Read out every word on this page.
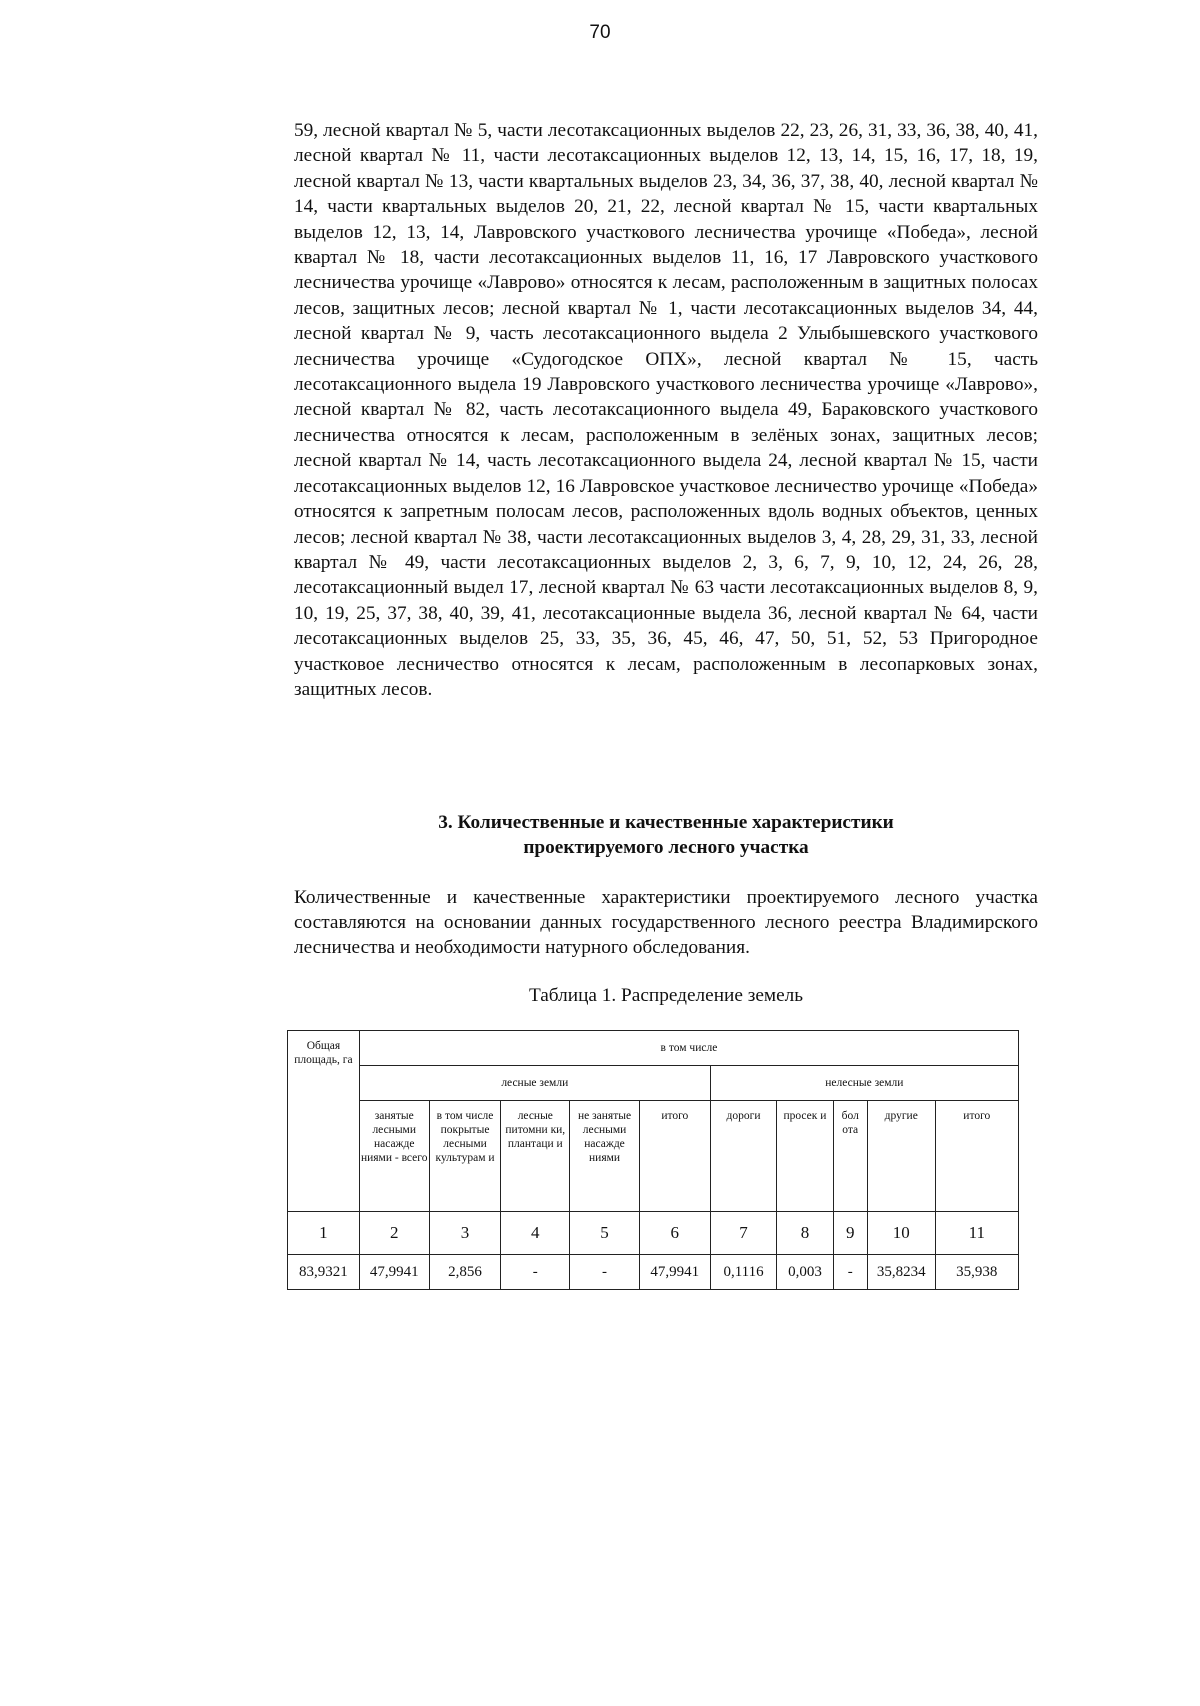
70

59, лесной квартал № 5, части лесотаксационных выделов 22, 23, 26, 31, 33, 36, 38, 40, 41, лесной квартал № 11, части лесотаксационных выделов 12, 13, 14, 15, 16, 17, 18, 19, лесной квартал № 13, части квартальных выделов 23, 34, 36, 37, 38, 40, лесной квартал № 14, части квартальных выделов 20, 21, 22, лесной квартал № 15, части квартальных выделов 12, 13, 14, Лавровского участкового лесничества урочище «Победа», лесной квартал № 18, части лесотаксационных выделов 11, 16, 17 Лавровского участкового лесничества урочище «Лаврово» относятся к лесам, расположенным в защитных полосах лесов, защитных лесов; лесной квартал № 1, части лесотаксационных выделов 34, 44, лесной квартал № 9, часть лесотаксационного выдела 2 Улыбышевского участкового лесничества урочище «Судогодское ОПХ», лесной квартал № 15, часть лесотаксационного выдела 19 Лавровского участкового лесничества урочище «Лаврово», лесной квартал № 82, часть лесотаксационного выдела 49, Бараковского участкового лесничества относятся к лесам, расположенным в зелёных зонах, защитных лесов; лесной квартал № 14, часть лесотаксационного выдела 24, лесной квартал № 15, части лесотаксационных выделов 12, 16 Лавровское участковое лесничество урочище «Победа» относятся к запретным полосам лесов, расположенных вдоль водных объектов, ценных лесов; лесной квартал № 38, части лесотаксационных выделов 3, 4, 28, 29, 31, 33, лесной квартал № 49, части лесотаксационных выделов 2, 3, 6, 7, 9, 10, 12, 24, 26, 28, лесотаксационный выдел 17, лесной квартал № 63 части лесотаксационных выделов 8, 9, 10, 19, 25, 37, 38, 40, 39, 41, лесотаксационные выдела 36, лесной квартал № 64, части лесотаксационных выделов 25, 33, 35, 36, 45, 46, 47, 50, 51, 52, 53 Пригородное участковое лесничество относятся к лесам, расположенным в лесопарковых зонах, защитных лесов.

3. Количественные и качественные характеристики
проектируемого лесного участка

Количественные и качественные характеристики проектируемого лесного участка составляются на основании данных государственного лесного реестра Владимирского лесничества и необходимости натурного обследования.

Таблица 1. Распределение земель

Общая площадь, га	в том числе									
	лесные земли					нелесные земли				
	занятые лесными насажде ниями - всего	в том числе покрытые лесными культурам и	лесные питомни ки, плантаци и	не занятые лесными насажде ниями	итого	дороги	просек и	бол ота	другие	итого
1	2	3	4	5	6	7	8	9	10	11
83,9321	47,9941	2,856	-	-	47,9941	0,1116	0,003	-	35,8234	35,938
